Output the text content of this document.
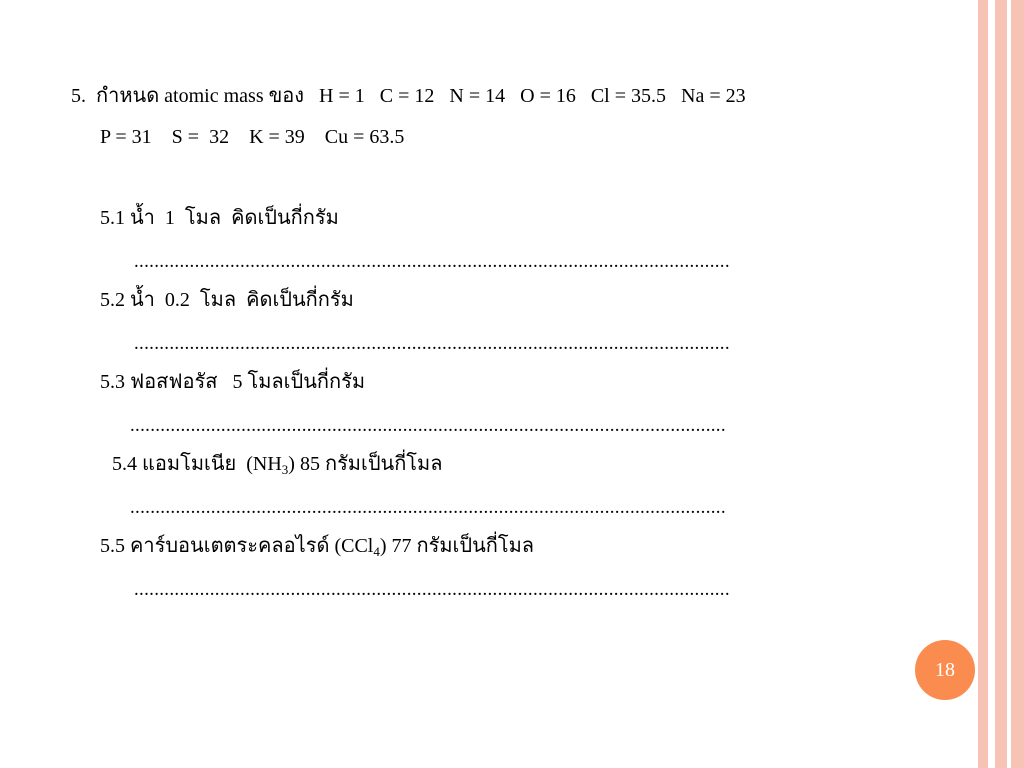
5.  กำหนด atomic mass ของ   H = 1   C = 12   N = 14   O = 16   Cl = 35.5   Na = 23
P = 31    S =  32    K = 39    Cu = 63.5
5.1 น้ำ  1  โมล  คิดเป็นกี่กรัม
......................................................................................................................
5.2 น้ำ  0.2  โมล  คิดเป็นกี่กรัม
......................................................................................................................
5.3 ฟอสฟอรัส   5 โมลเป็นกี่กรัม
......................................................................................................................
5.4 แอมโมเนีย  $(NH_3)$ 85 กรัมเป็นกี่โมล
......................................................................................................................
5.5 คาร์บอนเตตระคลอไรด์ (CCl$_4$) 77 กรัมเป็นกี่โมล
......................................................................................................................
18
